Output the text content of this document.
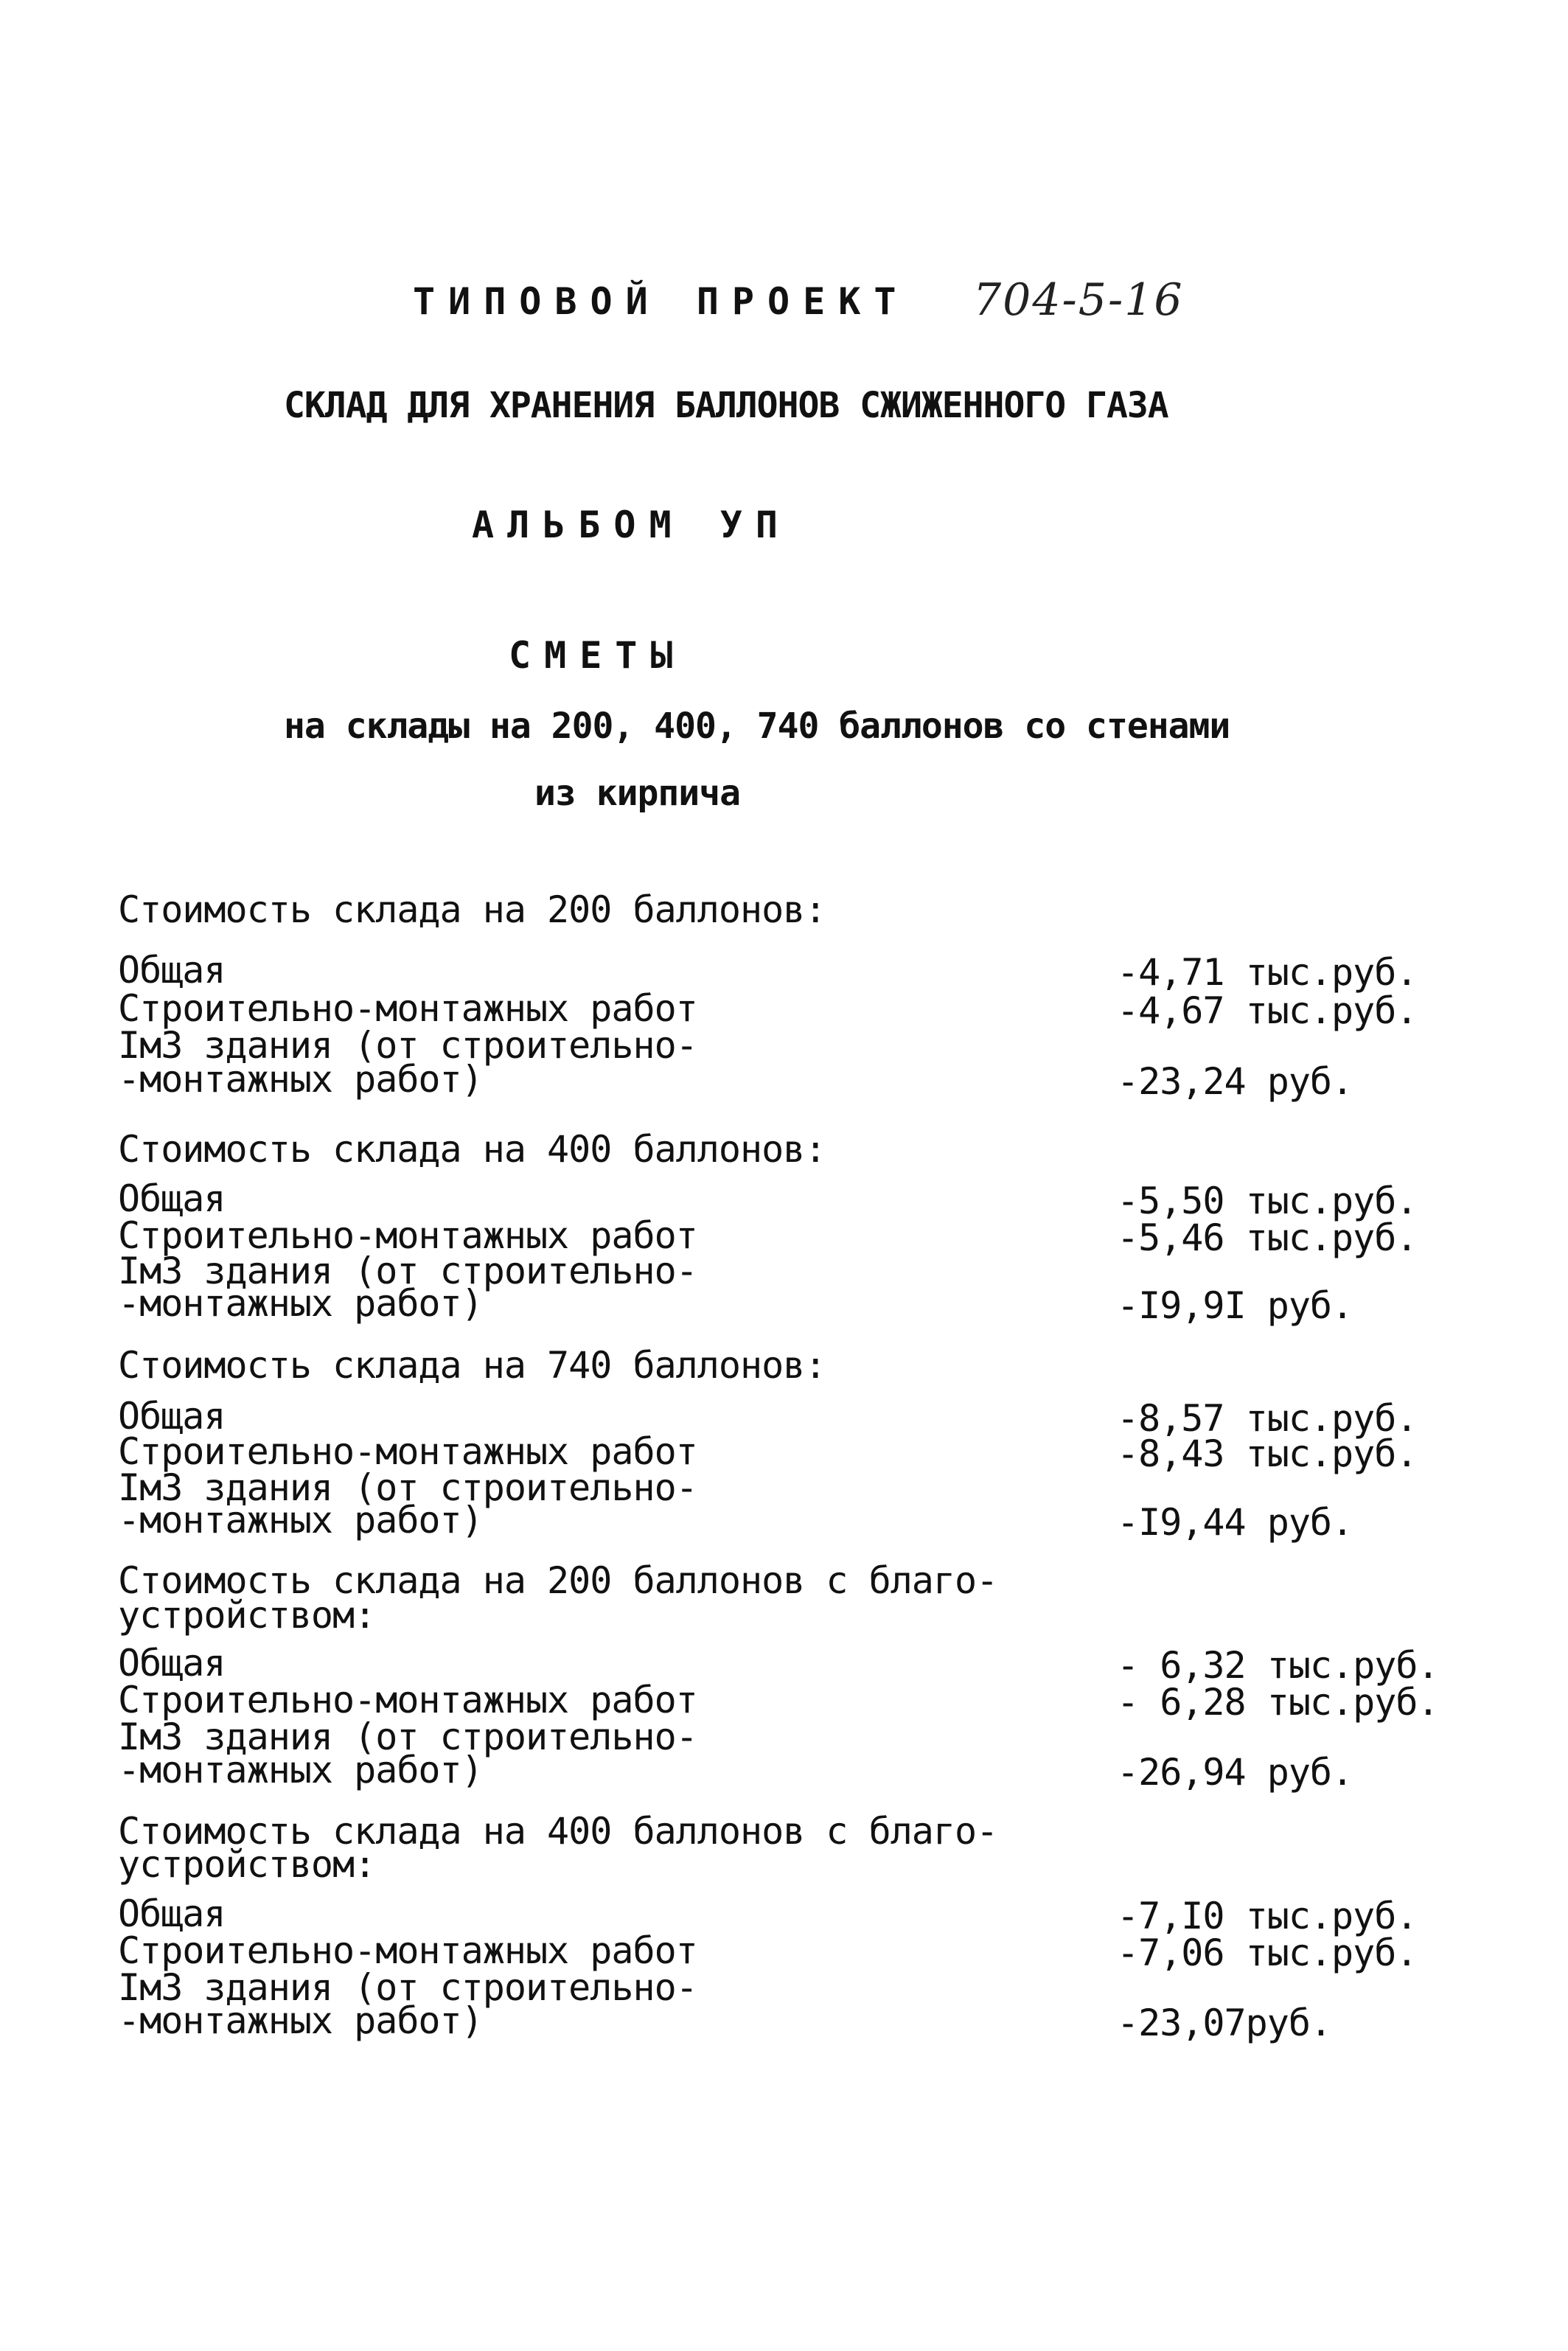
ТИПОВОЙ ПРОЕКТ 704-5-16
СКЛАД ДЛЯ ХРАНЕНИЯ БАЛЛОНОВ СЖИЖЕННОГО ГАЗА
АЛЬБОМ УП
СМЕТЫ
на склады на 200, 400, 740 баллонов со стенами
из кирпича
Стоимость склада на 200 баллонов:
Общая	-4,71 тыс.руб.
Строительно-монтажных работ	-4,67 тыс.руб.
Iм3 здания (от строительно-
-монтажных работ)	-23,24 руб.
Стоимость склада на 400 баллонов:
Общая	-5,50 тыс.руб.
Строительно-монтажных работ	-5,46 тыс.руб.
Iм3 здания (от строительно-
-монтажных работ)	-I9,9I руб.
Стоимость склада на 740 баллонов:
Общая	-8,57 тыс.руб.
Строительно-монтажных работ	-8,43 тыс.руб.
Iм3 здания (от строительно-
-монтажных работ)	-I9,44 руб.
Стоимость склада на 200 баллонов с благо-
устройством:
Общая	- 6,32 тыс.руб.
Строительно-монтажных работ	- 6,28 тыс.руб.
Iм3 здания (от строительно-
-монтажных работ)	-26,94 руб.
Стоимость склада на 400 баллонов с благо-
устройством:
Общая	-7,I0 тыс.руб.
Строительно-монтажных работ	-7,06 тыс.руб.
Iм3 здания (от строительно-
-монтажных работ)	-23,07руб.
